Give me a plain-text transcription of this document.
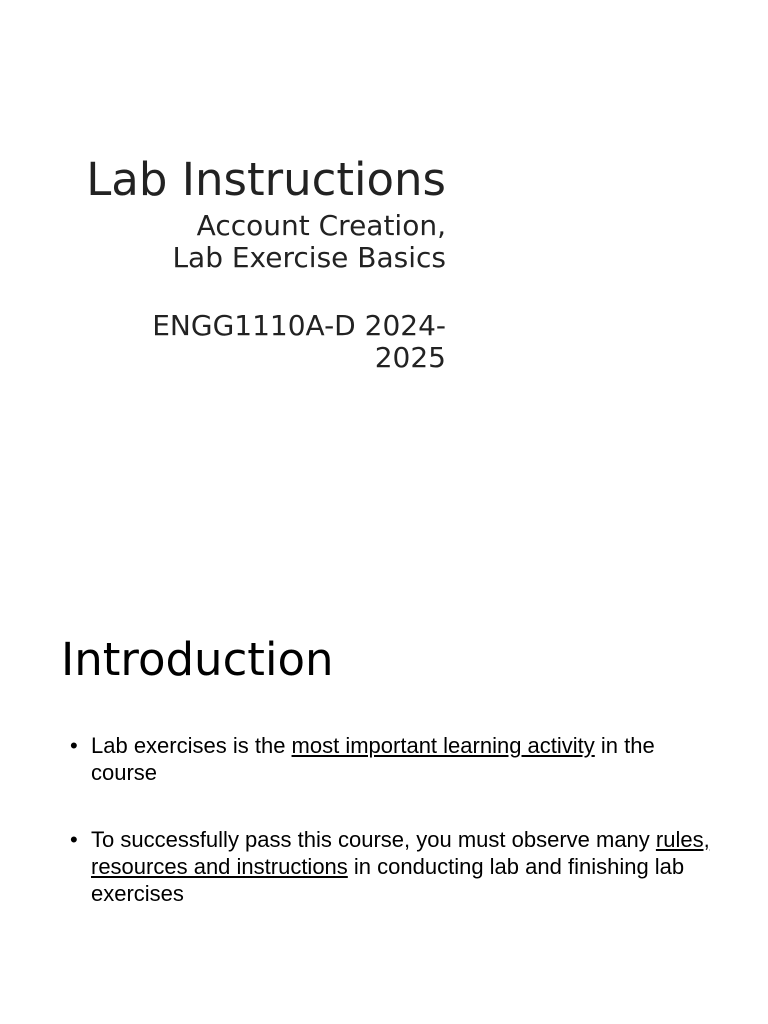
Lab Instructions
Account Creation,
Lab Exercise Basics
ENGG1110A-D 2024-
2025
Introduction
• Lab exercises is the most important learning activity in the course
• To successfully pass this course, you must observe many rules, resources and instructions in conducting lab and finishing lab exercises
